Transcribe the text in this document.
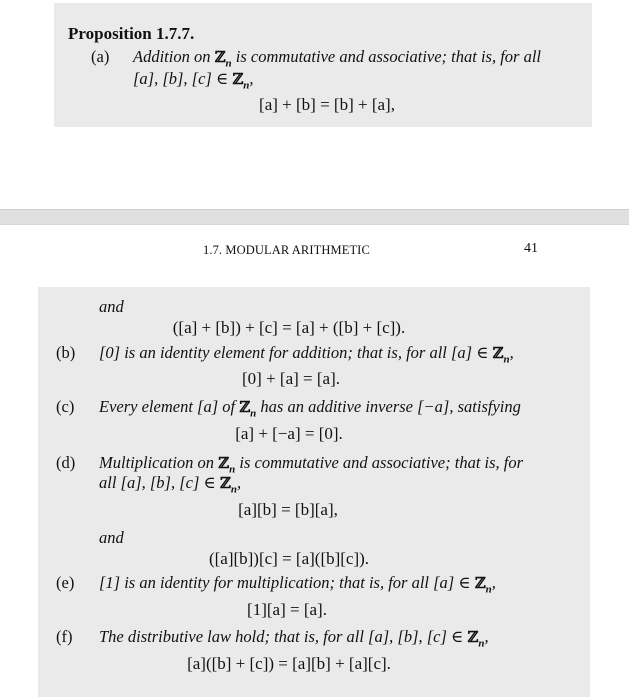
Proposition 1.7.7.
(a) Addition on ℤ$_n$ is commutative and associative; that is, for all
[a], [b], [c] ∈ ℤ$_n$,
[a] + [b] = [b] + [a],
1.7. MODULAR ARITHMETIC	41
and
([a] + [b]) + [c] = [a] + ([b] + [c]).
(b) [0] is an identity element for addition; that is, for all [a] ∈ ℤ$_n$,
[0] + [a] = [a].
(c) Every element [a] of ℤ$_n$ has an additive inverse [−a], satisfying
[a] + [−a] = [0].
(d) Multiplication on ℤ$_n$ is commutative and associative; that is, for
all [a], [b], [c] ∈ ℤ$_n$,
[a][b] = [b][a],
and
([a][b])[c] = [a]([b][c]).
(e) [1] is an identity for multiplication; that is, for all [a] ∈ ℤ$_n$,
[1][a] = [a].
(f) The distributive law hold; that is, for all [a], [b], [c] ∈ ℤ$_n$,
[a]([b] + [c]) = [a][b] + [a][c].
